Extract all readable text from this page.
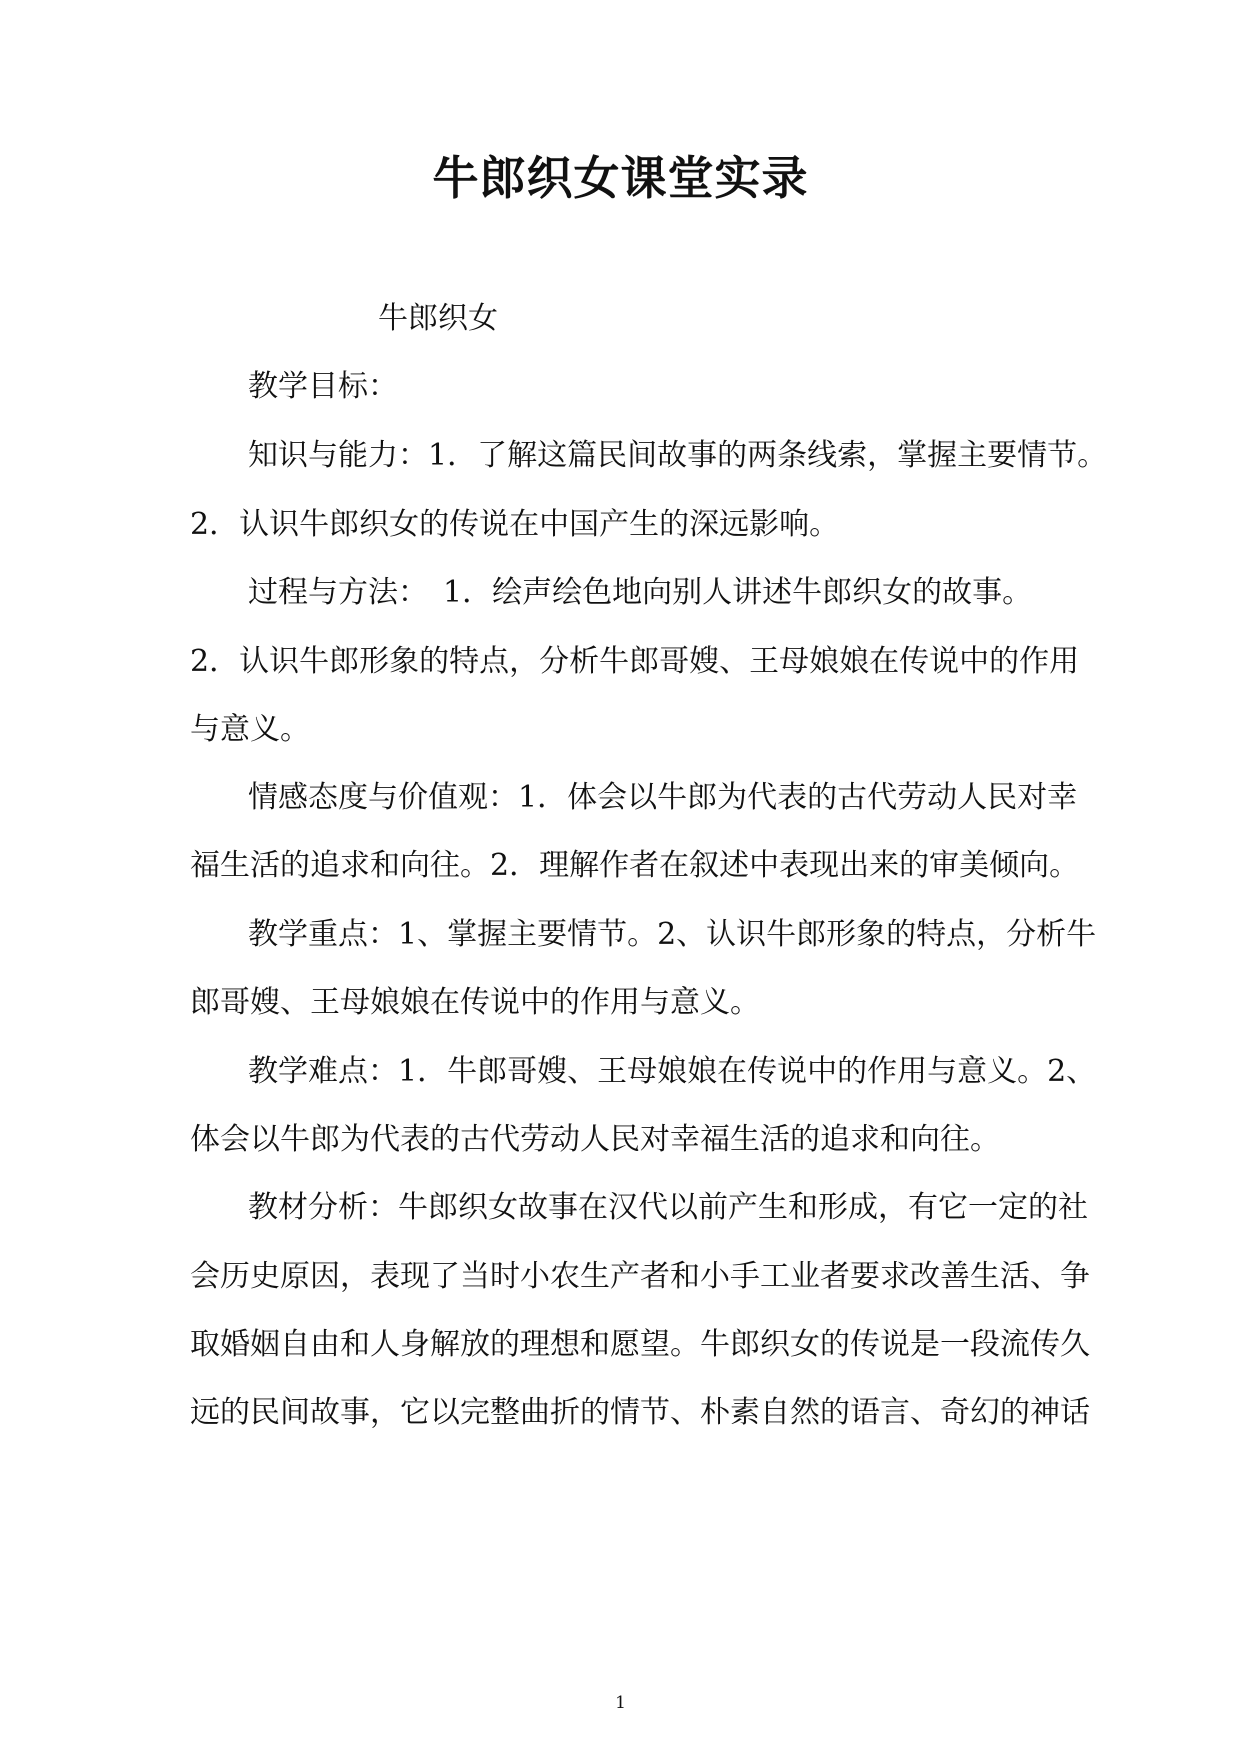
牛郎织女课堂实录
牛郎织女
教学目标：
知识与能力：1．了解这篇民间故事的两条线索，掌握主要情节。
2．认识牛郎织女的传说在中国产生的深远影响。
过程与方法：　1．绘声绘色地向别人讲述牛郎织女的故事。
2．认识牛郎形象的特点，分析牛郎哥嫂、王母娘娘在传说中的作用
与意义。
情感态度与价值观：1．体会以牛郎为代表的古代劳动人民对幸
福生活的追求和向往。2．理解作者在叙述中表现出来的审美倾向。
教学重点：1、掌握主要情节。2、认识牛郎形象的特点，分析牛
郎哥嫂、王母娘娘在传说中的作用与意义。
教学难点：1．牛郎哥嫂、王母娘娘在传说中的作用与意义。2、
体会以牛郎为代表的古代劳动人民对幸福生活的追求和向往。
教材分析：牛郎织女故事在汉代以前产生和形成，有它一定的社
会历史原因，表现了当时小农生产者和小手工业者要求改善生活、争
取婚姻自由和人身解放的理想和愿望。牛郎织女的传说是一段流传久
远的民间故事，它以完整曲折的情节、朴素自然的语言、奇幻的神话
1
